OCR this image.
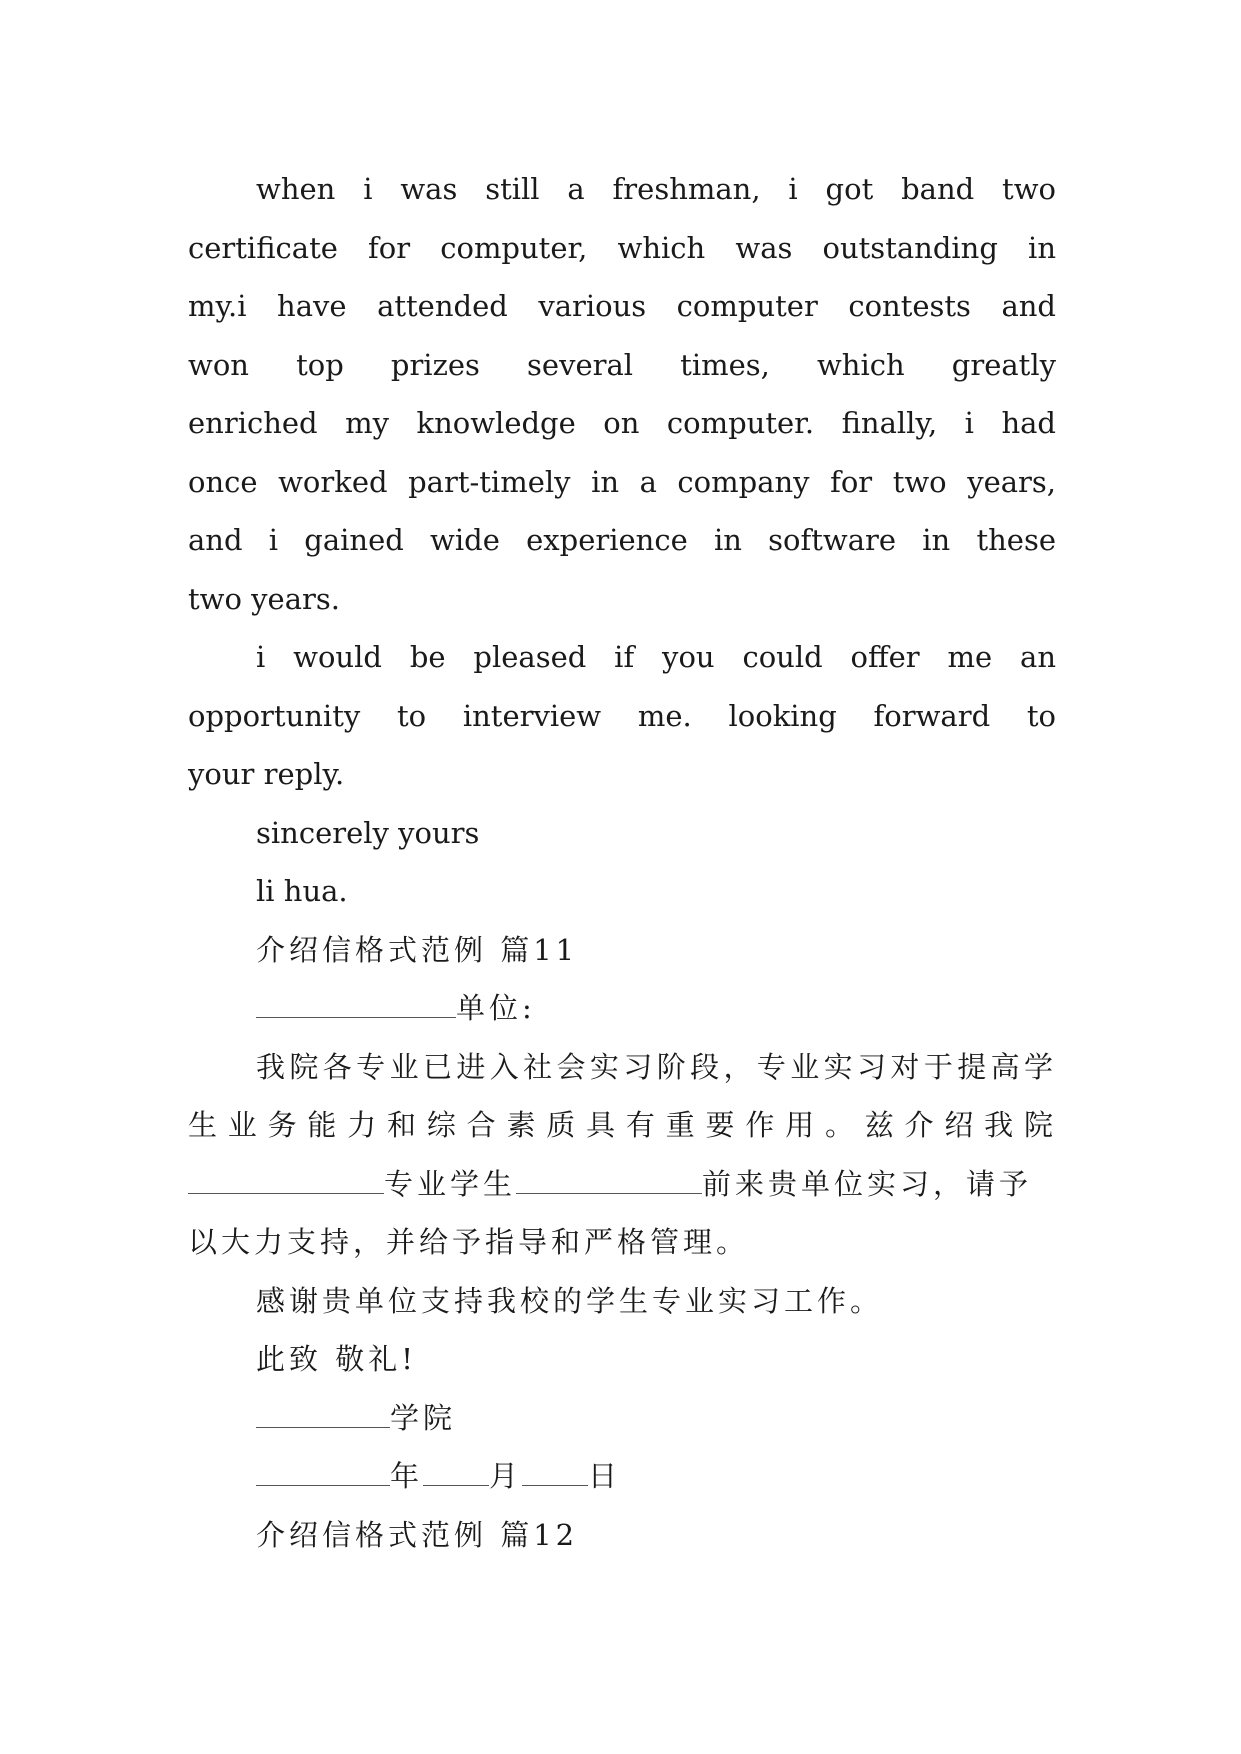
when i was still a freshman, i got band two

certificate for computer, which was outstanding in

my.i have attended various computer contests and

won top prizes several times, which greatly

enriched my knowledge on computer. finally, i had

once worked part-timely in a company for two years,

and i gained wide experience in software in these

two years.

i would be pleased if you could offer me an

opportunity to interview me. looking forward to

your reply.

sincerely yours

li hua.

介绍信格式范例 篇11

单位:

我院各专业已进入社会实习阶段，专业实习对于提高学

生业务能力和综合素质具有重要作用。兹介绍我院

专业学生	前来贵单位实习，请予

以大力支持，并给予指导和严格管理。

感谢贵单位支持我校的学生专业实习工作。

此致 敬礼!

学院

年 月 日

介绍信格式范例 篇12
